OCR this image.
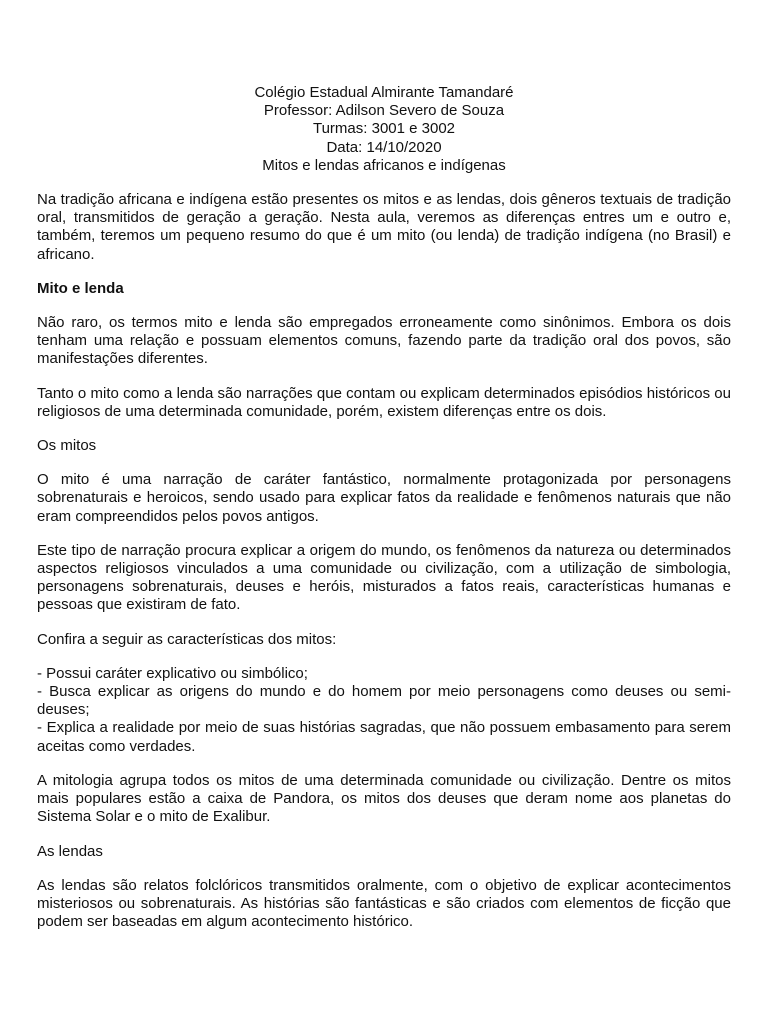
Colégio Estadual Almirante Tamandaré
Professor: Adilson Severo de Souza
Turmas: 3001 e 3002
Data: 14/10/2020
Mitos e lendas africanos e indígenas

Na tradição africana e indígena estão presentes os mitos e as lendas, dois gêneros textuais de tradição oral, transmitidos de geração a geração. Nesta aula, veremos as diferenças entres um e outro e, também, teremos um pequeno resumo do que é um mito (ou lenda) de tradição indígena (no Brasil) e africano.

Mito e lenda

Não raro, os termos mito e lenda são empregados erroneamente como sinônimos. Embora os dois tenham uma relação e possuam elementos comuns, fazendo parte da tradição oral dos povos, são manifestações diferentes.

Tanto o mito como a lenda são narrações que contam ou explicam determinados episódios históricos ou religiosos de uma determinada comunidade, porém, existem diferenças entre os dois.

Os mitos

O mito é uma narração de caráter fantástico, normalmente protagonizada por personagens sobrenaturais e heroicos, sendo usado para explicar fatos da realidade e fenômenos naturais que não eram compreendidos pelos povos antigos.

Este tipo de narração procura explicar a origem do mundo, os fenômenos da natureza ou determinados aspectos religiosos vinculados a uma comunidade ou civilização, com a utilização de simbologia, personagens sobrenaturais, deuses e heróis, misturados a fatos reais, características humanas e pessoas que existiram de fato.

Confira a seguir as características dos mitos:

- Possui caráter explicativo ou simbólico;
- Busca explicar as origens do mundo e do homem por meio personagens como deuses ou semi-deuses;
- Explica a realidade por meio de suas histórias sagradas, que não possuem embasamento para serem aceitas como verdades.

A mitologia agrupa todos os mitos de uma determinada comunidade ou civilização. Dentre os mitos mais populares estão a caixa de Pandora, os mitos dos deuses que deram nome aos planetas do Sistema Solar e o mito de Exalibur.

As lendas

As lendas são relatos folclóricos transmitidos oralmente, com o objetivo de explicar acontecimentos misteriosos ou sobrenaturais. As histórias são fantásticas e são criados com elementos de ficção que podem ser baseadas em algum acontecimento histórico.
